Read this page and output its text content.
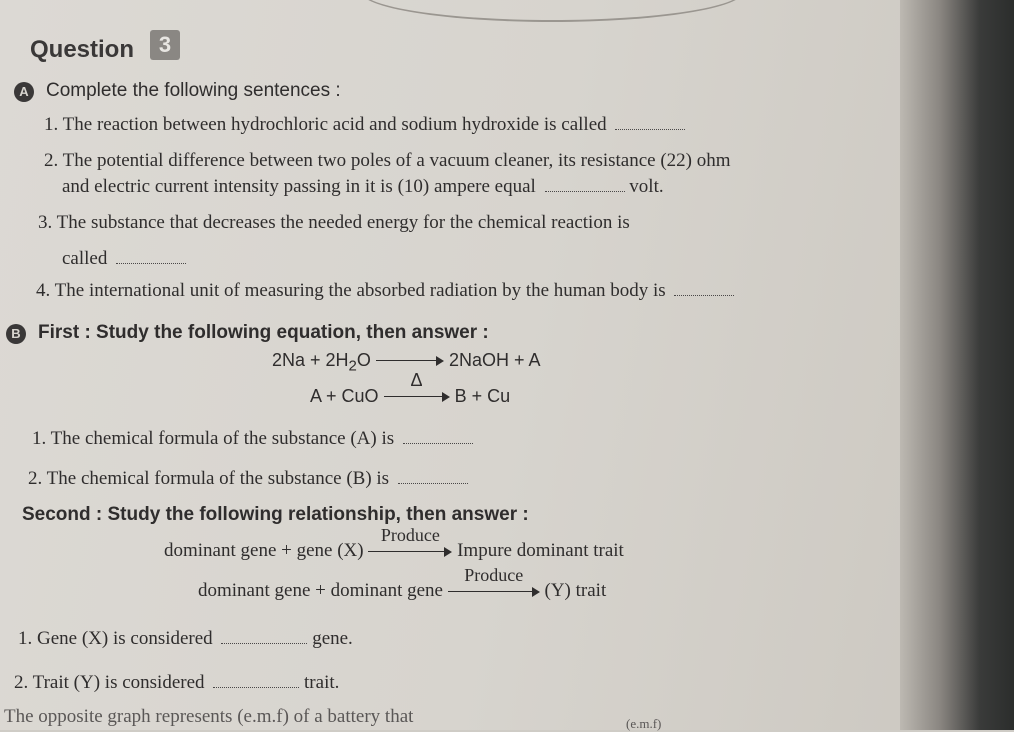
Question	3
A Complete the following sentences :
1. The reaction between hydrochloric acid and sodium hydroxide is called
2. The potential difference between two poles of a vacuum cleaner, its resistance (22) ohm
and electric current intensity passing in it is (10) ampere equal	volt.
3. The substance that decreases the needed energy for the chemical reaction is
called
4. The international unit of measuring the absorbed radiation by the human body is
B First : Study the following equation, then answer :
$2Na + 2H_2O$	2NaOH + A
A + CuO
Δ
B + Cu
1. The chemical formula of the substance (A) is
2. The chemical formula of the substance (B) is
Second : Study the following relationship, then answer :
dominant gene + gene (X)
Produce
Impure dominant trait
dominant gene + dominant gene
Produce
(Y) trait
1. Gene (X) is considered	gene.
2. Trait (Y) is considered	trait.
The opposite graph represents (e.m.f) of a battery that	(e.m.f)
